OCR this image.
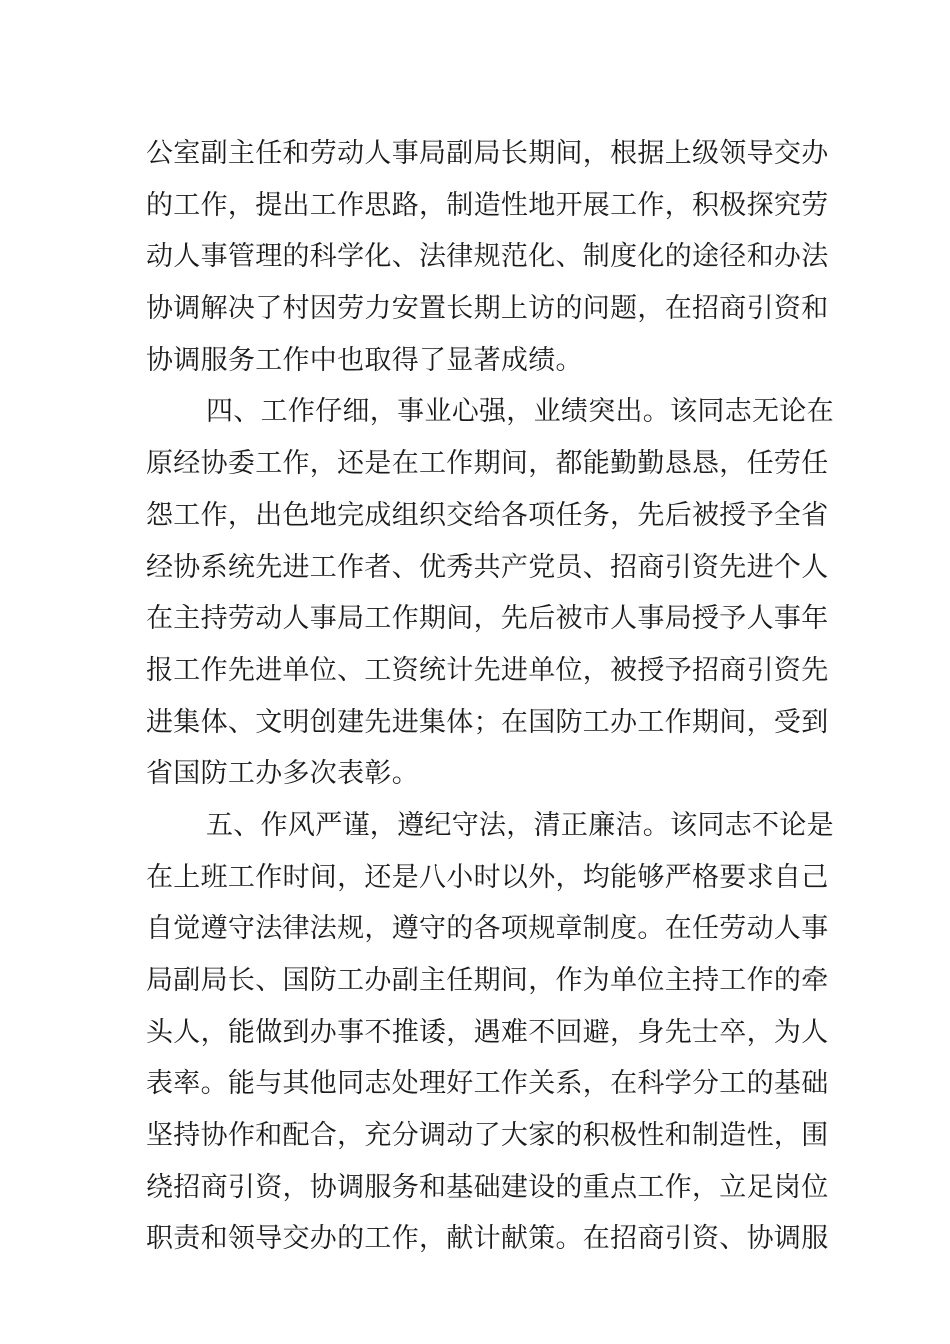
公室副主任和劳动人事局副局长期间，根据上级领导交办
的工作，提出工作思路，制造性地开展工作，积极探究劳
动人事管理的科学化、法律规范化、制度化的途径和办法
协调解决了村因劳力安置长期上访的问题，在招商引资和
协调服务工作中也取得了显著成绩。
四、工作仔细，事业心强，业绩突出。该同志无论在
原经协委工作，还是在工作期间，都能勤勤恳恳，任劳任
怨工作，出色地完成组织交给各项任务，先后被授予全省
经协系统先进工作者、优秀共产党员、招商引资先进个人
在主持劳动人事局工作期间，先后被市人事局授予人事年
报工作先进单位、工资统计先进单位，被授予招商引资先
进集体、文明创建先进集体；在国防工办工作期间，受到
省国防工办多次表彰。
五、作风严谨，遵纪守法，清正廉洁。该同志不论是
在上班工作时间，还是八小时以外，均能够严格要求自己
自觉遵守法律法规，遵守的各项规章制度。在任劳动人事
局副局长、国防工办副主任期间，作为单位主持工作的牵
头人，能做到办事不推诿，遇难不回避，身先士卒，为人
表率。能与其他同志处理好工作关系，在科学分工的基础
坚持协作和配合，充分调动了大家的积极性和制造性，围
绕招商引资，协调服务和基础建设的重点工作，立足岗位
职责和领导交办的工作，献计献策。在招商引资、协调服
